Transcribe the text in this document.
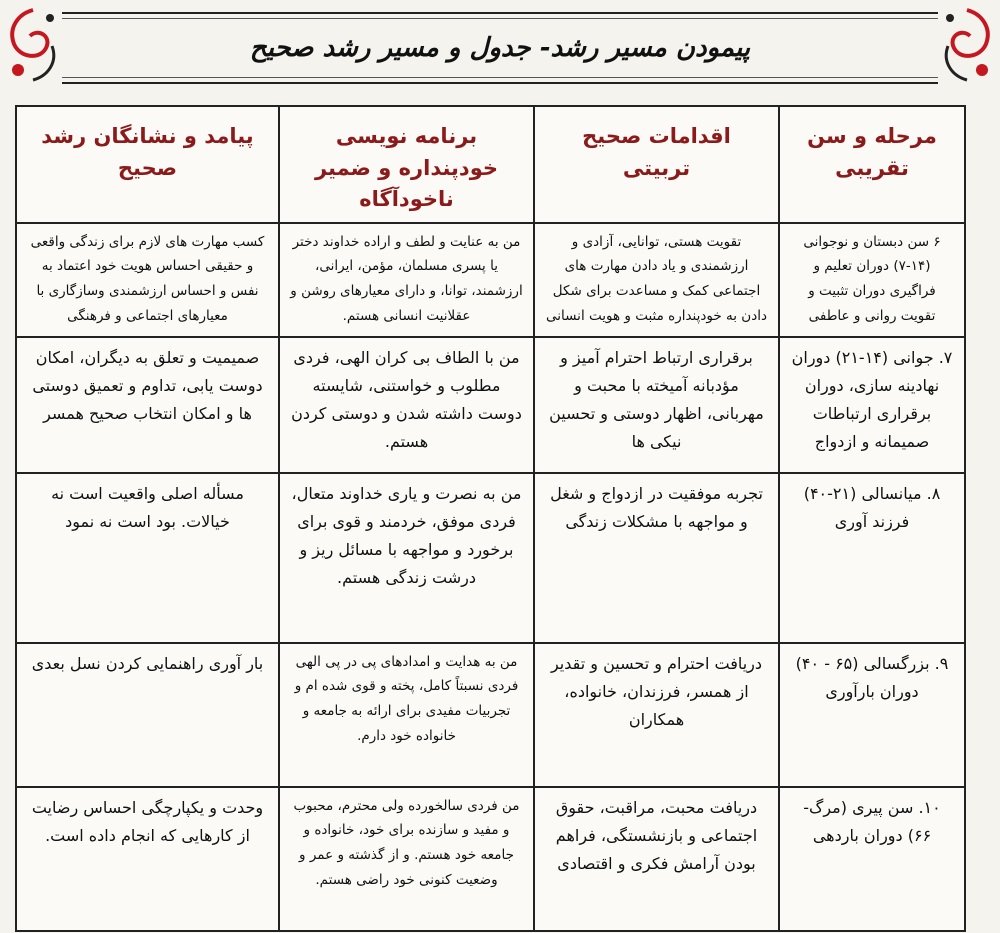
پیمودن مسیر رشد- جدول و مسیر رشد صحیح
مرحله و سن تقریبی	اقدامات صحیح تربیتی	برنامه نویسی خودپنداره و ضمیر ناخودآگاه	پیامد و نشانگان رشد صحیح
۶ سن دبستان و نوجوانی (۱۴-۷) دوران تعلیم و فراگیری دوران تثبیت و تقویت روانی و عاطفی	تقویت هستی، توانایی، آزادی و ارزشمندی و یاد دادن مهارت های اجتماعی کمک و مساعدت برای شکل دادن به خودپنداره مثبت و هویت انسانی	من به عنایت و لطف و اراده خداوند دختر یا پسری مسلمان، مؤمن، ایرانی، ارزشمند، توانا، و دارای معیارهای روشن و عقلانیت انسانی هستم.	کسب مهارت های لازم برای زندگی واقعی و حقیقی احساس هویت خود اعتماد به نفس و احساس ارزشمندی وسازگاری با معیارهای اجتماعی و فرهنگی
۷. جوانی (۱۴-۲۱) دوران نهادینه سازی، دوران برقراری ارتباطات صمیمانه و ازدواج	برقراری ارتباط احترام آمیز و مؤدبانه آمیخته با محبت و مهربانی، اظهار دوستی و تحسین نیکی ها	من با الطاف بی کران الهی، فردی مطلوب و خواستنی، شایسته دوست داشته شدن و دوستی کردن هستم.	صمیمیت و تعلق به دیگران، امکان دوست یابی، تداوم و تعمیق دوستی ها و امکان انتخاب صحیح همسر
۸. میانسالی (۲۱-۴۰) فرزند آوری	تجربه موفقیت در ازدواج و شغل و مواجهه با مشکلات زندگی	من به نصرت و یاری خداوند متعال، فردی موفق، خردمند و قوی برای برخورد و مواجهه با مسائل ریز و درشت زندگی هستم.	مسأله اصلی واقعیت است نه خیالات. بود است نه نمود
۹. بزرگسالی (۶۵ - ۴۰) دوران بارآوری	دریافت احترام و تحسین و تقدیر از همسر، فرزندان، خانواده، همکاران	من به هدایت و امدادهای پی در پی الهی فردی نسبتاً کامل، پخته و قوی شده ام و تجربیات مفیدی برای ارائه به جامعه و خانواده خود دارم.	بار آوری راهنمایی کردن نسل بعدی
۱۰. سن پیری (مرگ- ۶۶) دوران باردهی	دریافت محبت، مراقبت، حقوق اجتماعی و بازنشستگی، فراهم بودن آرامش فکری و اقتصادی	من فردی سالخورده ولی محترم، محبوب و مفید و سازنده برای خود، خانواده و جامعه خود هستم. و از گذشته و عمر و وضعیت کنونی خود راضی هستم.	وحدت و یکپارچگی احساس رضایت از کارهایی که انجام داده است.
